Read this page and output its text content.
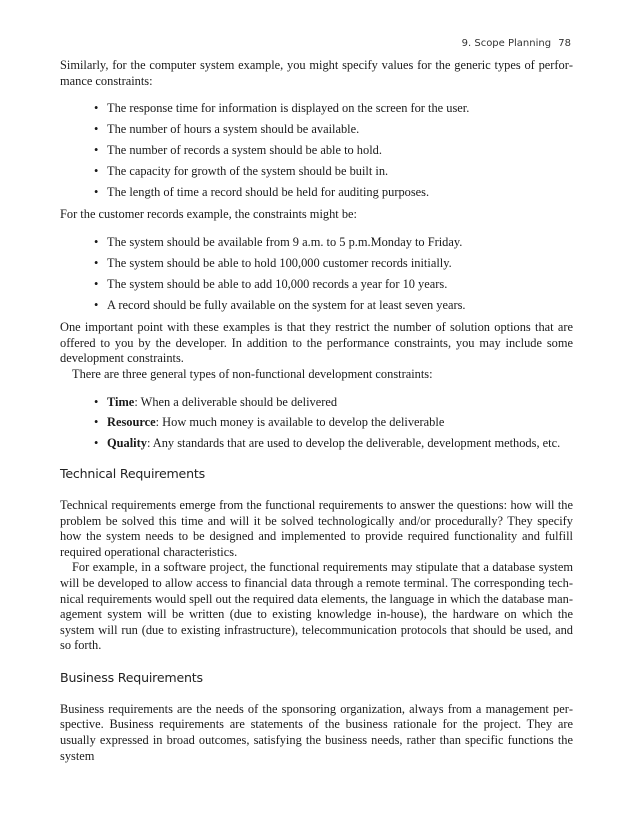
9. Scope Planning 78

Similarly, for the computer system example, you might specify values for the generic types of performance constraints:

• The response time for information is displayed on the screen for the user.
• The number of hours a system should be available.
• The number of records a system should be able to hold.
• The capacity for growth of the system should be built in.
• The length of time a record should be held for auditing purposes.

For the customer records example, the constraints might be:

• The system should be available from 9 a.m. to 5 p.m.Monday to Friday.
• The system should be able to hold 100,000 customer records initially.
• The system should be able to add 10,000 records a year for 10 years.
• A record should be fully available on the system for at least seven years.

One important point with these examples is that they restrict the number of solution options that are offered to you by the developer. In addition to the performance constraints, you may include some development constraints.

There are three general types of non-functional development constraints:

• Time: When a deliverable should be delivered
• Resource: How much money is available to develop the deliverable
• Quality: Any standards that are used to develop the deliverable, development methods, etc.
Technical Requirements

Technical requirements emerge from the functional requirements to answer the questions: how will the problem be solved this time and will it be solved technologically and/or procedurally? They specify how the system needs to be designed and implemented to provide required functionality and fulfill required operational characteristics.

For example, in a software project, the functional requirements may stipulate that a database system will be developed to allow access to financial data through a remote terminal. The corresponding technical requirements would spell out the required data elements, the language in which the database management system will be written (due to existing knowledge in-house), the hardware on which the system will run (due to existing infrastructure), telecommunication protocols that should be used, and so forth.

Business Requirements

Business requirements are the needs of the sponsoring organization, always from a management perspective. Business requirements are statements of the business rationale for the project. They are usually expressed in broad outcomes, satisfying the business needs, rather than specific functions the system
